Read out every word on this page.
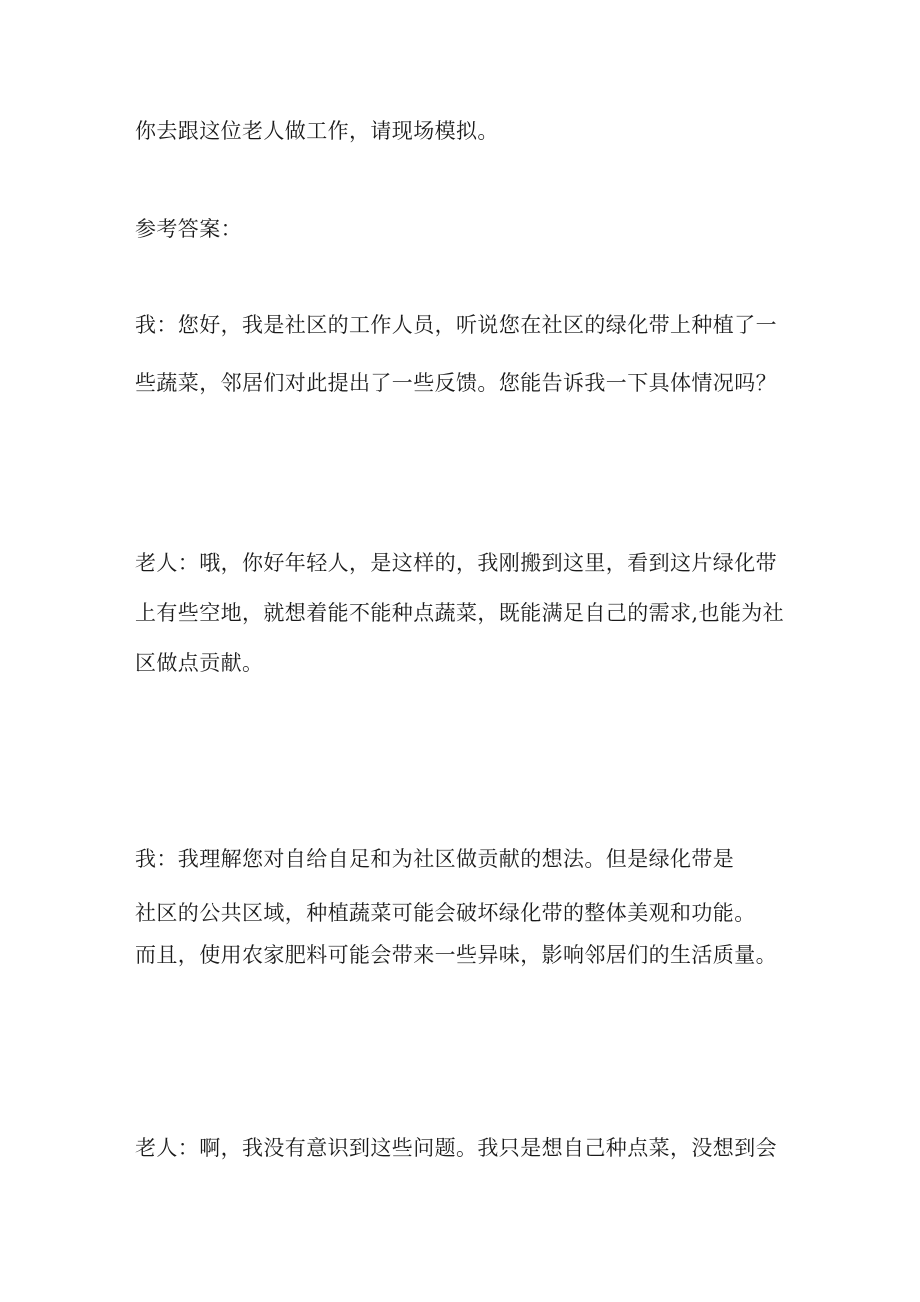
你去跟这位老人做工作，请现场模拟。
参考答案：
我：您好，我是社区的工作人员，听说您在社区的绿化带上种植了一
些蔬菜，邻居们对此提出了一些反馈。您能告诉我一下具体情况吗？
老人：哦，你好年轻人，是这样的，我刚搬到这里，看到这片绿化带
上有些空地，就想着能不能种点蔬菜，既能满足自己的需求,也能为社
区做点贡献。
我：我理解您对自给自足和为社区做贡献的想法。但是绿化带是
社区的公共区域，种植蔬菜可能会破坏绿化带的整体美观和功能。
而且，使用农家肥料可能会带来一些异味，影响邻居们的生活质量。
老人：啊，我没有意识到这些问题。我只是想自己种点菜，没想到会
